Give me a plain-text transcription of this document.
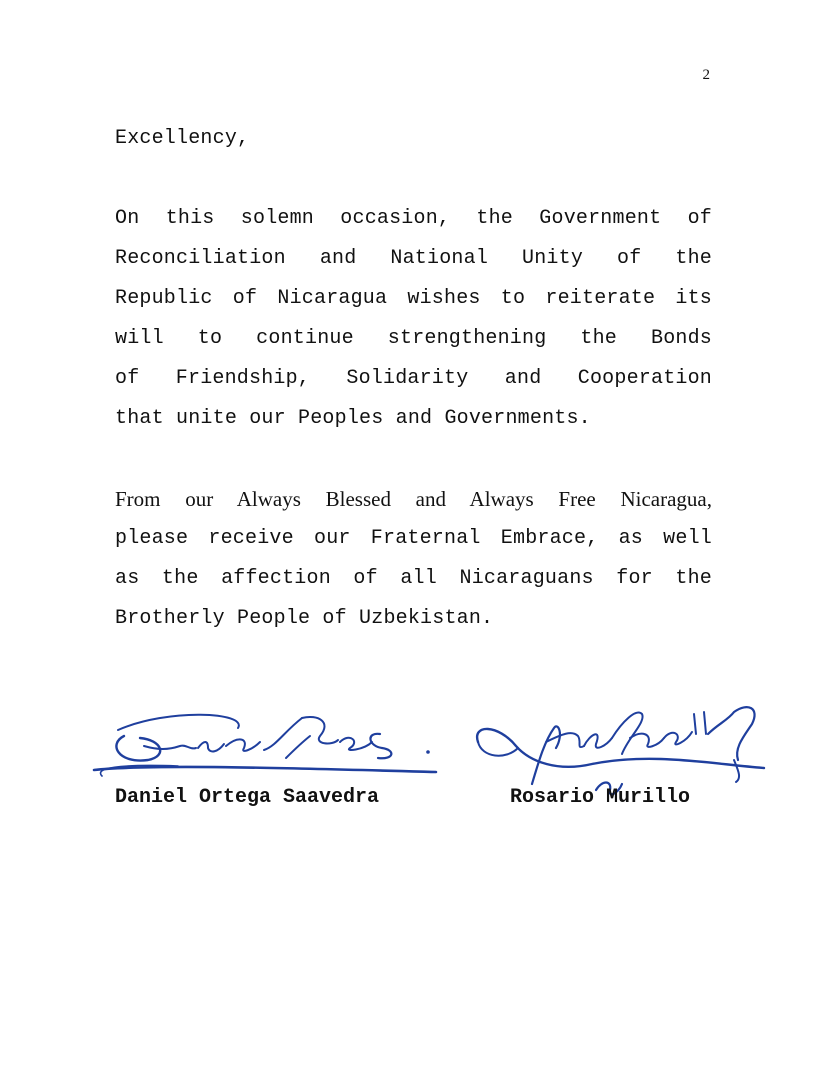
2
Excellency,
On this solemn occasion, the Government of
Reconciliation and National Unity of the
Republic of Nicaragua wishes to reiterate its
will to continue strengthening the Bonds
of Friendship, Solidarity and Cooperation
that unite our Peoples and Governments.
From our Always Blessed and Always Free Nicaragua,
please receive our Fraternal Embrace, as well
as the affection of all Nicaraguans for the
Brotherly People of Uzbekistan.
Daniel Ortega Saavedra	Rosario Murillo
